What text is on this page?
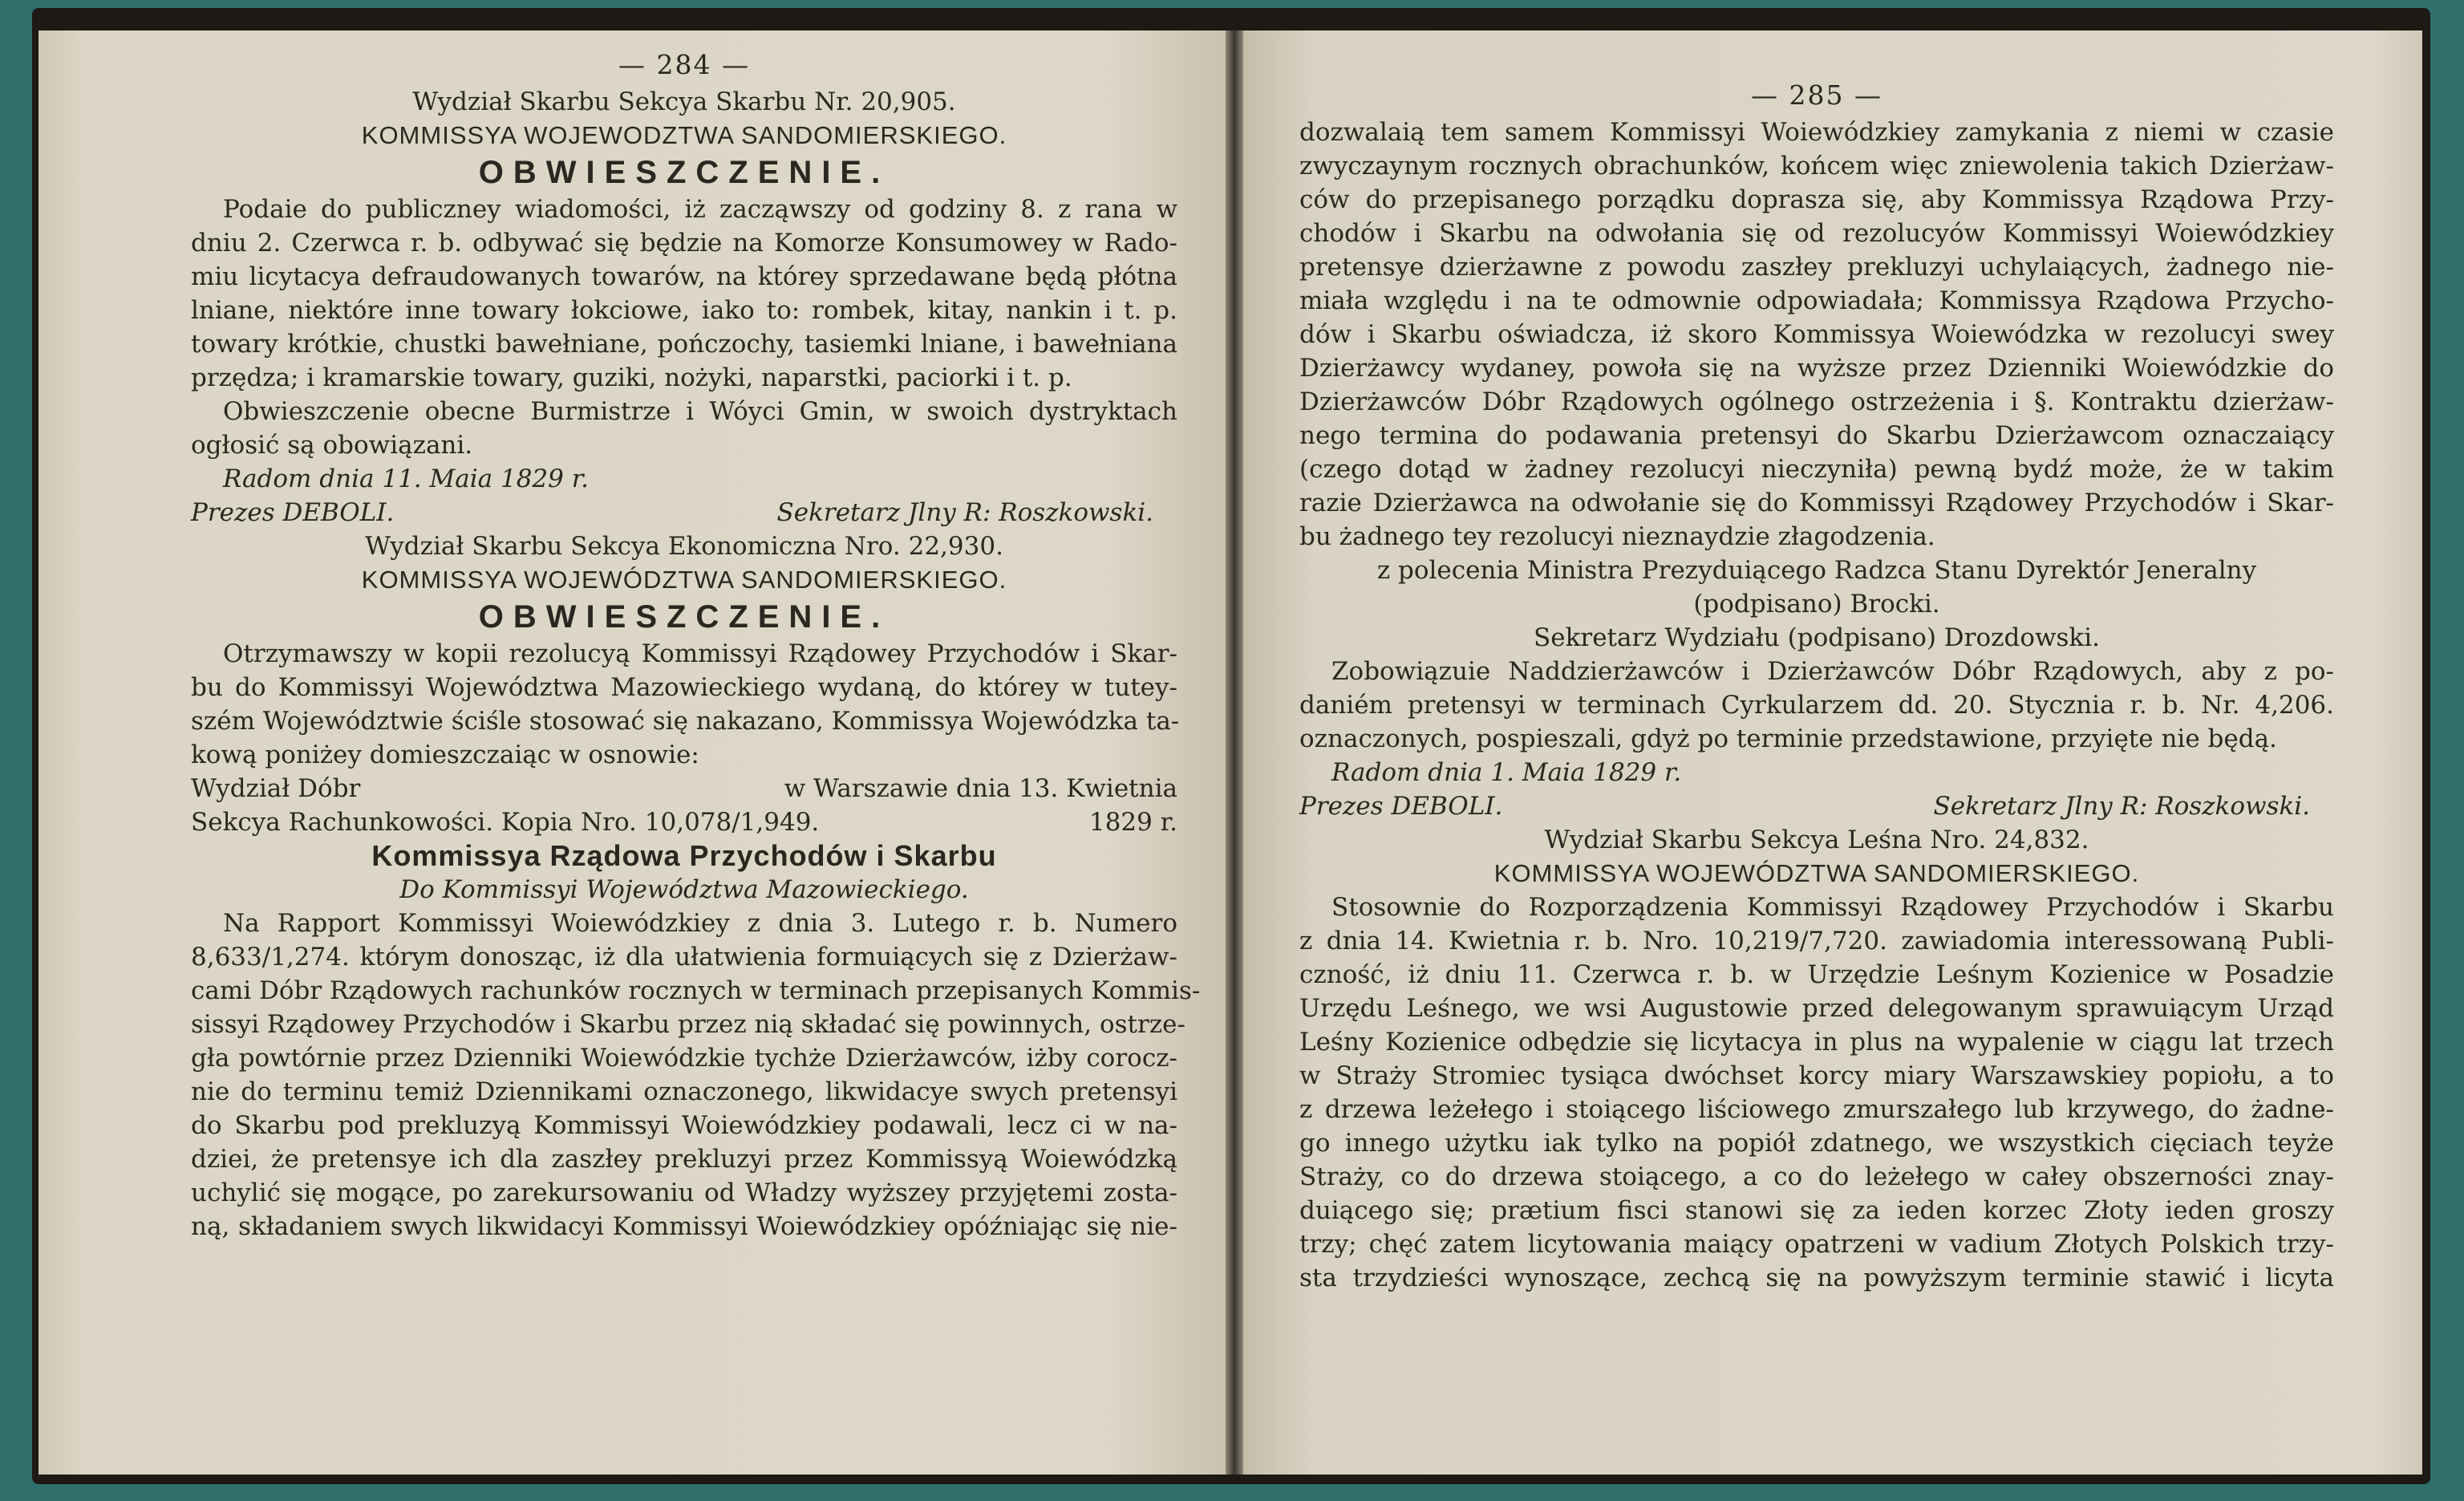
— 284 —

Wydział Skarbu Sekcya Skarbu Nr. 20,905.

KOMMISSYA WOJEWODZTWA SANDOMIERSKIEGO.

OBWIESZCZENIE.

Podaie do publiczney wiadomości, iż zacząwszy od godziny 8. z rana w

dniu 2. Czerwca r. b. odbywać się będzie na Komorze Konsumowey w Rado-

miu licytacya defraudowanych towarów, na którey sprzedawane będą płótna

lniane, niektóre inne towary łokciowe, iako to: rombek, kitay, nankin i t. p.

towary krótkie, chustki bawełniane, pończochy, tasiemki lniane, i bawełniana

przędza; i kramarskie towary, guziki, nożyki, naparstki, paciorki i t. p.

Obwieszczenie obecne Burmistrze i Wóyci Gmin, w swoich dystryktach

ogłosić są obowiązani.

Radom dnia 11. Maia 1829 r.

Prezes DEBOLI.	Sekretarz Jlny R: Roszkowski.

Wydział Skarbu Sekcya Ekonomiczna Nro. 22,930.

KOMMISSYA WOJEWÓDZTWA SANDOMIERSKIEGO.

OBWIESZCZENIE.

Otrzymawszy w kopii rezolucyą Kommissyi Rządowey Przychodów i Skar-

bu do Kommissyi Województwa Mazowieckiego wydaną, do którey w tutey-

szém Województwie ściśle stosować się nakazano, Kommissya Wojewódzka ta-

kową poniżey domieszczaiąc w osnowie:

Wydział Dóbr	w Warszawie dnia 13. Kwietnia
Sekcya Rachunkowości. Kopia Nro. 10,078/1,949.	1829 r.

Kommissya Rządowa Przychodów i Skarbu

Do Kommissyi Województwa Mazowieckiego.

Na Rapport Kommissyi Woiewódzkiey z dnia 3. Lutego r. b. Numero

8,633/1,274. którym donosząc, iż dla ułatwienia formuiących się z Dzierżaw-

cami Dóbr Rządowych rachunków rocznych w terminach przepisanych Kommis-

sissyi Rządowey Przychodów i Skarbu przez nią składać się powinnych, ostrze-

gła powtórnie przez Dzienniki Woiewódzkie tychże Dzierżawców, iżby corocz-

nie do terminu temiż Dziennikami oznaczonego, likwidacye swych pretensyi

do Skarbu pod prekluzyą Kommissyi Woiewódzkiey podawali, lecz ci w na-

dziei, że pretensye ich dla zaszłey prekluzyi przez Kommissyą Woiewódzką

uchylić się mogące, po zarekursowaniu od Władzy wyższey przyjętemi zosta-

ną, składaniem swych likwidacyi Kommissyi Woiewódzkiey opóźniając się nie-

— 285 —

dozwalaią tem samem Kommissyi Woiewódzkiey zamykania z niemi w czasie

zwyczaynym rocznych obrachunków, końcem więc zniewolenia takich Dzierżaw-

ców do przepisanego porządku doprasza się, aby Kommissya Rządowa Przy-

chodów i Skarbu na odwołania się od rezolucyów Kommissyi Woiewódzkiey

pretensye dzierżawne z powodu zaszłey prekluzyi uchylaiących, żadnego nie-

miała względu i na te odmownie odpowiadała; Kommissya Rządowa Przycho-

dów i Skarbu oświadcza, iż skoro Kommissya Woiewódzka w rezolucyi swey

Dzierżawcy wydaney, powoła się na wyższe przez Dzienniki Woiewódzkie do

Dzierżawców Dóbr Rządowych ogólnego ostrzeżenia i §. Kontraktu dzierżaw-

nego termina do podawania pretensyi do Skarbu Dzierżawcom oznaczaiący

(czego dotąd w żadney rezolucyi nieczyniła) pewną bydź może, że w takim

razie Dzierżawca na odwołanie się do Kommissyi Rządowey Przychodów i Skar-

bu żadnego tey rezolucyi nieznaydzie złagodzenia.

z polecenia Ministra Prezyduiącego Radzca Stanu Dyrektór Jeneralny

(podpisano) Brocki.

Sekretarz Wydziału (podpisano) Drozdowski.

Zobowiązuie Naddzierżawców i Dzierżawców Dóbr Rządowych, aby z po-

daniém pretensyi w terminach Cyrkularzem dd. 20. Stycznia r. b. Nr. 4,206.

oznaczonych, pospieszali, gdyż po terminie przedstawione, przyięte nie będą.

Radom dnia 1. Maia 1829 r.

Prezes DEBOLI.	Sekretarz Jlny R: Roszkowski.

Wydział Skarbu Sekcya Leśna Nro. 24,832.

KOMMISSYA WOJEWÓDZTWA SANDOMIERSKIEGO.

Stosownie do Rozporządzenia Kommissyi Rządowey Przychodów i Skarbu

z dnia 14. Kwietnia r. b. Nro. 10,219/7,720. zawiadomia interessowaną Publi-

czność, iż dniu 11. Czerwca r. b. w Urzędzie Leśnym Kozienice w Posadzie

Urzędu Leśnego, we wsi Augustowie przed delegowanym sprawuiącym Urząd

Leśny Kozienice odbędzie się licytacya in plus na wypalenie w ciągu lat trzech

w Straży Stromiec tysiąca dwóchset korcy miary Warszawskiey popiołu, a to

z drzewa leżełego i stoiącego liściowego zmurszałego lub krzywego, do żadne-

go innego użytku iak tylko na popiół zdatnego, we wszystkich cięciach teyże

Straży, co do drzewa stoiącego, a co do leżełego w całey obszerności znay-

duiącego się; prætium fisci stanowi się za ieden korzec Złoty ieden groszy

trzy; chęć zatem licytowania maiący opatrzeni w vadium Złotych Polskich trzy-

sta trzydzieści wynoszące, zechcą się na powyższym terminie stawić i licyta
